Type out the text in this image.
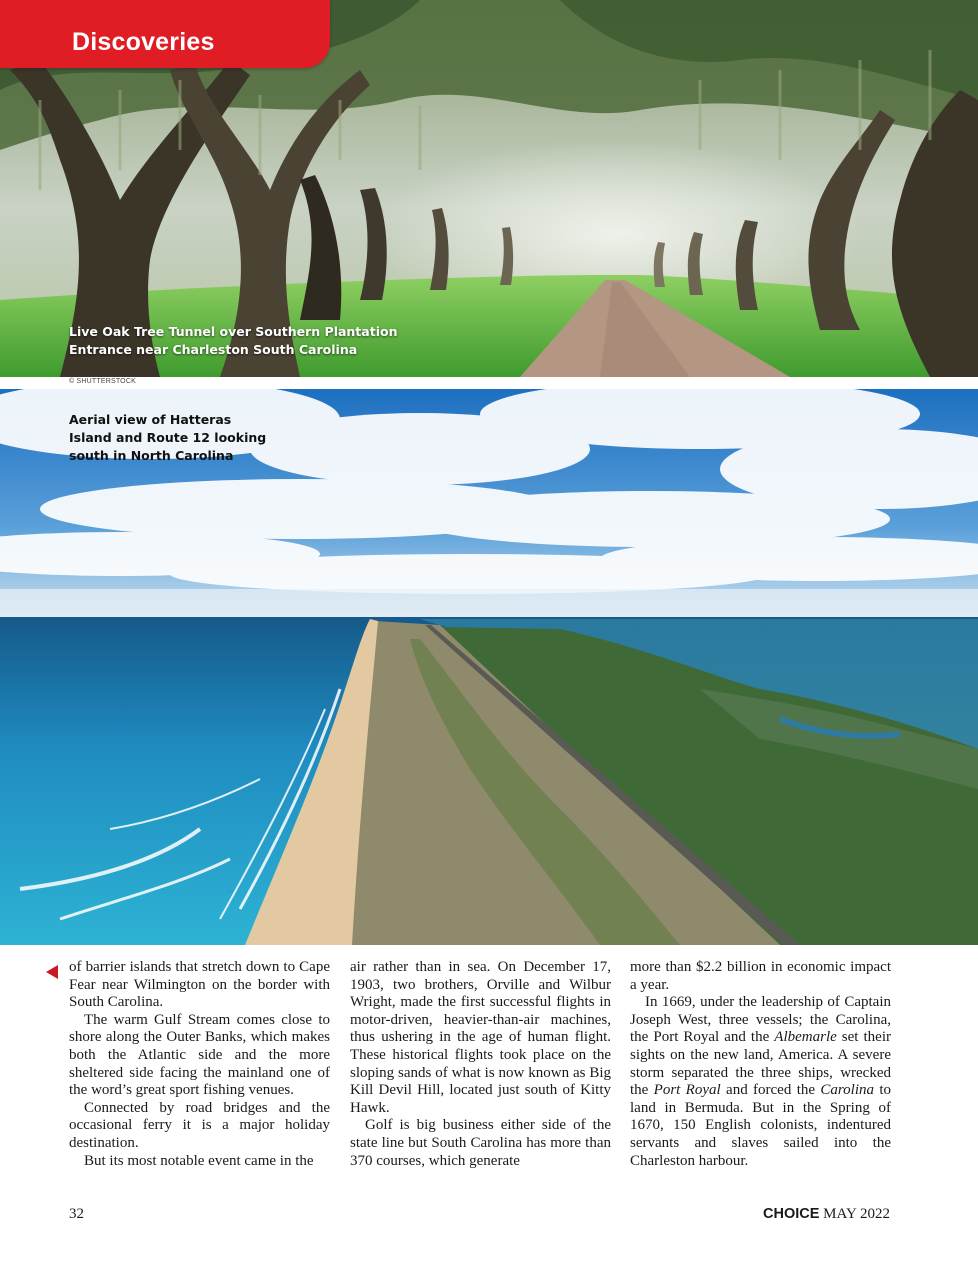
Discoveries
Live Oak Tree Tunnel over Southern Plantation
Entrance near Charleston South Carolina
© SHUTTERSTOCK
Aerial view of Hatteras
Island and Route 12 looking
south in North Carolina

of barrier islands that stretch down to Cape Fear near Wilmington on the border with South Carolina.

The warm Gulf Stream comes close to shore along the Outer Banks, which makes both the Atlantic side and the more sheltered side facing the mainland one of the word’s great sport fishing venues.

Connected by road bridges and the occasional ferry it is a major holiday destination.

But its most notable event came in the

air rather than in sea. On December 17, 1903, two brothers, Orville and Wilbur Wright, made the first successful flights in motor-driven, heavier-than-air machines, thus ushering in the age of human flight. These historical flights took place on the sloping sands of what is now known as Big Kill Devil Hill, located just south of Kitty Hawk.

Golf is big business either side of the state line but South Carolina has more than 370 courses, which generate

more than $2.2 billion in economic impact a year.

In 1669, under the leadership of Captain Joseph West, three vessels; the Carolina, the Port Royal and the Albemarle set their sights on the new land, America. A severe storm separated the three ships, wrecked the Port Royal and forced the Carolina to land in Bermuda. But in the Spring of 1670, 150 English colonists, indentured servants and slaves sailed into the Charleston harbour.

32	CHOICE MAY 2022
